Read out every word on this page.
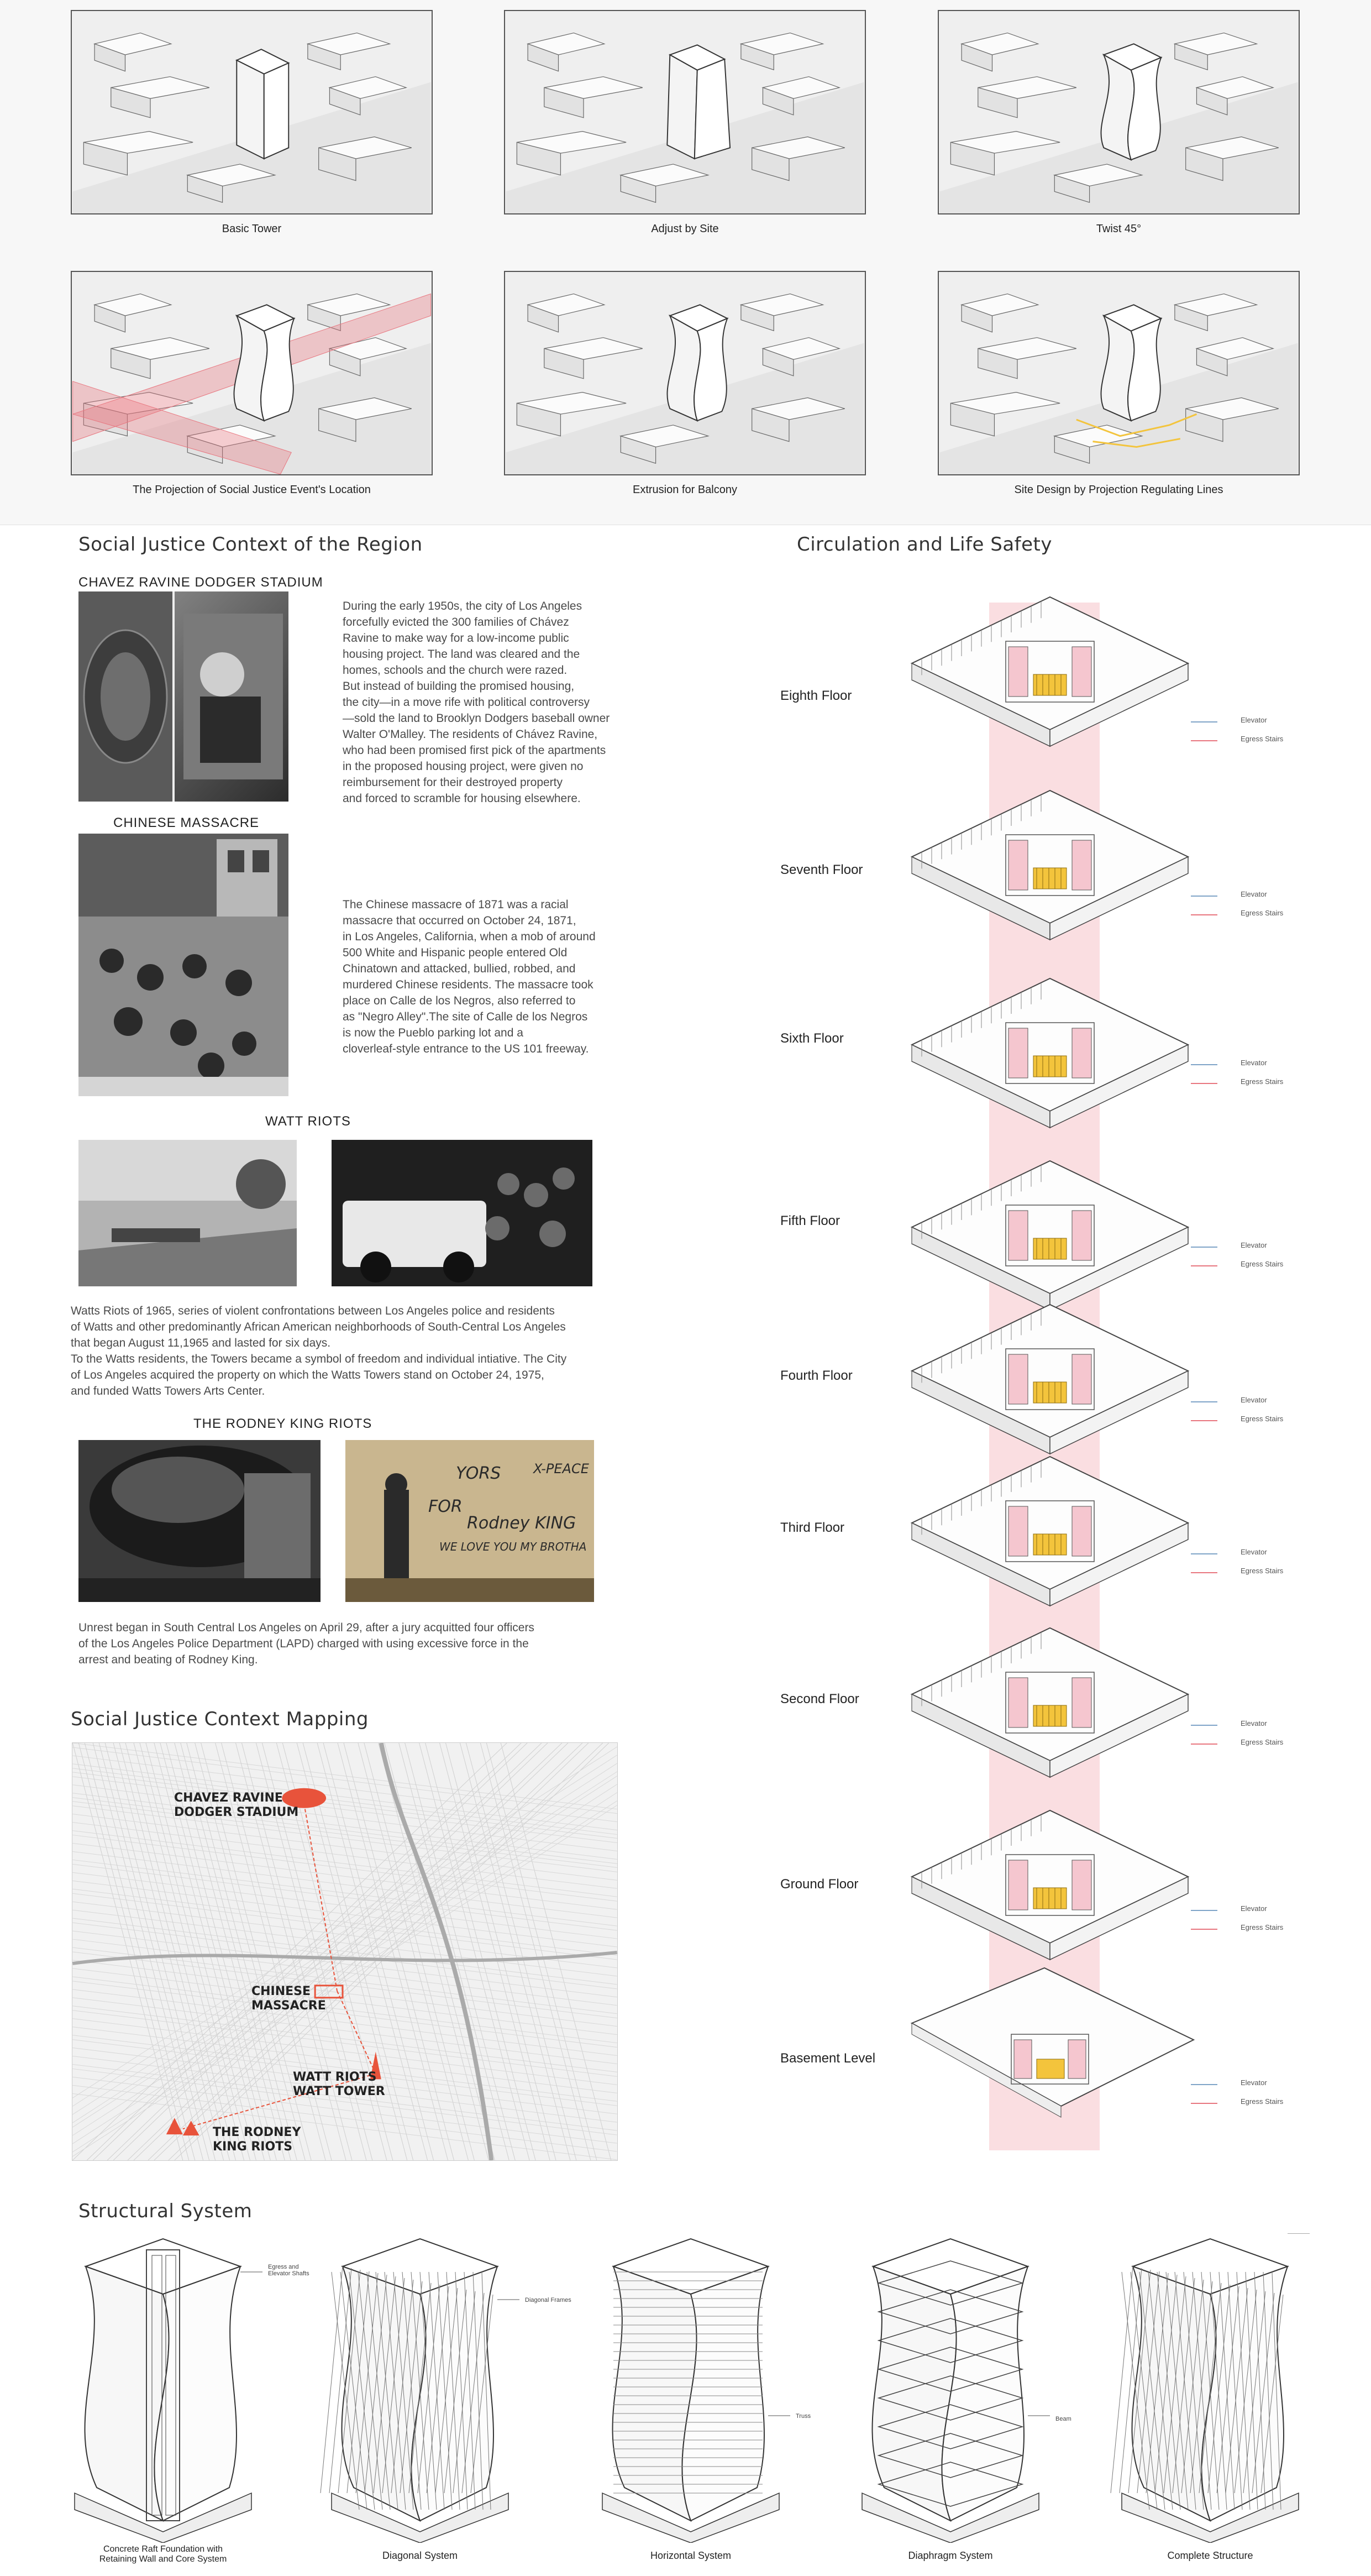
Basic Tower	Adjust by Site	Twist 45°
The Projection of Social Justice Event's Location	Extrusion for Balcony	Site Design by Projection Regulating Lines
Social Justice Context of the Region
CHAVEZ RAVINE DODGER STADIUM
During the early 1950s, the city of Los Angeles
forcefully evicted the 300 families of Chávez
Ravine to make way for a low-income public
housing project. The land was cleared and the
homes, schools and the church were razed.
But instead of building the promised housing,
the city—in a move rife with political controversy
—sold the land to Brooklyn Dodgers baseball owner
Walter O'Malley. The residents of Chávez Ravine,
who had been promised first pick of the apartments
in the proposed housing project, were given no
reimbursement for their destroyed property
and forced to scramble for housing elsewhere.
CHINESE MASSACRE
The Chinese massacre of 1871 was a racial
massacre that occurred on October 24, 1871,
in Los Angeles, California, when a mob of around
500 White and Hispanic people entered Old
Chinatown and attacked, bullied, robbed, and
murdered Chinese residents. The massacre took
place on Calle de los Negros, also referred to
as "Negro Alley".The site of Calle de los Negros
is now the Pueblo parking lot and a
cloverleaf-style entrance to the US 101 freeway.
WATT RIOTS
Watts Riots of 1965, series of violent confrontations between Los Angeles police and residents
of Watts and other predominantly African American neighborhoods of South-Central Los Angeles
that began August 11,1965 and lasted for six days.
To the Watts residents, the Towers became a symbol of freedom and individual intiative. The City
of Los Angeles acquired the property on which the Watts Towers stand on October 24, 1975,
and funded Watts Towers Arts Center.
THE RODNEY KING RIOTS
YORS
FOR
Rodney KING
WE LOVE YOU MY BROTHA
X-PEACE
Unrest began in South Central Los Angeles on April 29, after a jury acquitted four officers
of the Los Angeles Police Department (LAPD) charged with using excessive force in the
arrest and beating of Rodney King.
Social Justice Context Mapping
CHAVEZ RAVINE
DODGER STADIUM
CHINESE
MASSACRE
WATT RIOTS
WATT TOWER
THE RODNEY
KING RIOTS
Circulation and Life Safety
Eighth Floor
Elevator
Egress Stairs
Seventh Floor
Elevator
Egress Stairs
Sixth Floor
Elevator
Egress Stairs
Fifth Floor
Elevator
Egress Stairs
Fourth Floor
Elevator
Egress Stairs
Third Floor
Elevator
Egress Stairs
Second Floor
Elevator
Egress Stairs
Ground Floor
Elevator
Egress Stairs
Basement Level
Elevator
Egress Stairs
Structural System
Concrete Raft Foundation with
Retaining Wall and Core System
Egress and
Elevator Shafts
Diagonal System
Diagonal Frames
Horizontal System
Truss
Diaphragm System
Beam
Complete Structure
